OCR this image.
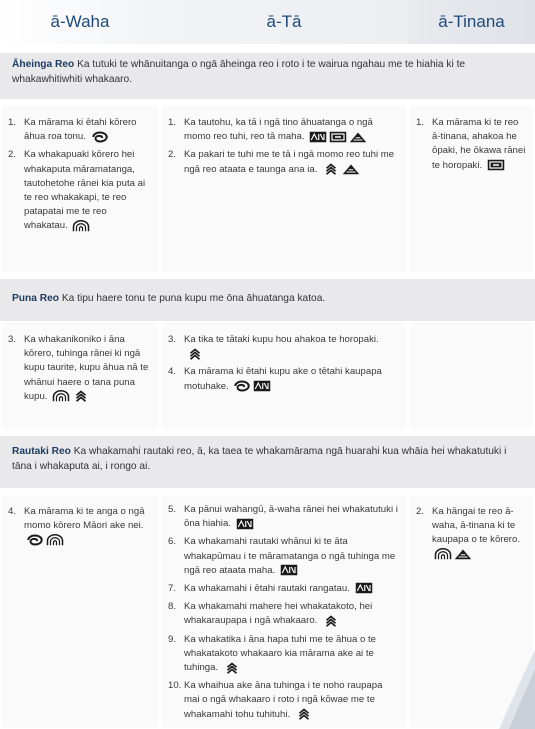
ā-Waha	ā-Tā	ā-Tinana
Āheinga Reo Ka tutuki te whānuitanga o ngā āheinga reo i roto i te wairua ngahau me te hiahia ki te whakawhitiwhiti whakaaro.
1. Ka mārama ki ētahi kōrero āhua roa tonu.
2. Ka whakapuaki kōrero hei whakaputa māramatanga, tautohetohe rānei kia puta ai te reo whakakapi, te reo patapatai me te reo whakatau.
1. Ka tautohu, ka tā i ngā tino āhuatanga o ngā momo reo tuhi, reo tā maha.
2. Ka pakari te tuhi me te tā i ngā momo reo tuhi me ngā reo ataata e taunga ana ia.
1. Ka mārama ki te reo ā-tinana, ahakoa he ōpaki, he ōkawa rānei te horopaki.
Puna Reo Ka tipu haere tonu te puna kupu me ōna āhuatanga katoa.
3. Ka whakanikoniko i āna kōrero, tuhinga rānei ki ngā kupu taurite, kupu āhua nā te whānui haere o tana puna kupu.
3. Ka tika te tātaki kupu hou ahakoa te horopaki.
4. Ka mārama ki ētahi kupu ake o tētahi kaupapa motuhake.
Rautaki Reo Ka whakamahi rautaki reo, ā, ka taea te whakamārama ngā huarahi kua whāia hei whakatutuki i tāna i whakaputa ai, i rongo ai.
4. Ka mārama ki te anga o ngā momo kōrero Māori ake nei.
5. Ka pānui wahangū, ā-waha rānei hei whakatutuki i ōna hiahia.
6. Ka whakamahi rautaki whānui ki te āta whakapūmau i te māramatanga o ngā tuhinga me ngā reo ataata maha.
7. Ka whakamahi i ētahi rautaki rangatau.
8. Ka whakamahi mahere hei whakatakoto, hei whakaraupapa i ngā whakaaro.
9. Ka whakatika i āna hapa tuhi me te āhua o te whakatakoto whakaaro kia mārama ake ai te tuhinga.
10. Ka whaihua ake āna tuhinga i te noho raupapa mai o ngā whakaaro i roto i ngā kōwae me te whakamahi tohu tuhituhi.
2. Ka hāngai te reo ā-waha, ā-tinana ki te kaupapa o te kōrero.
